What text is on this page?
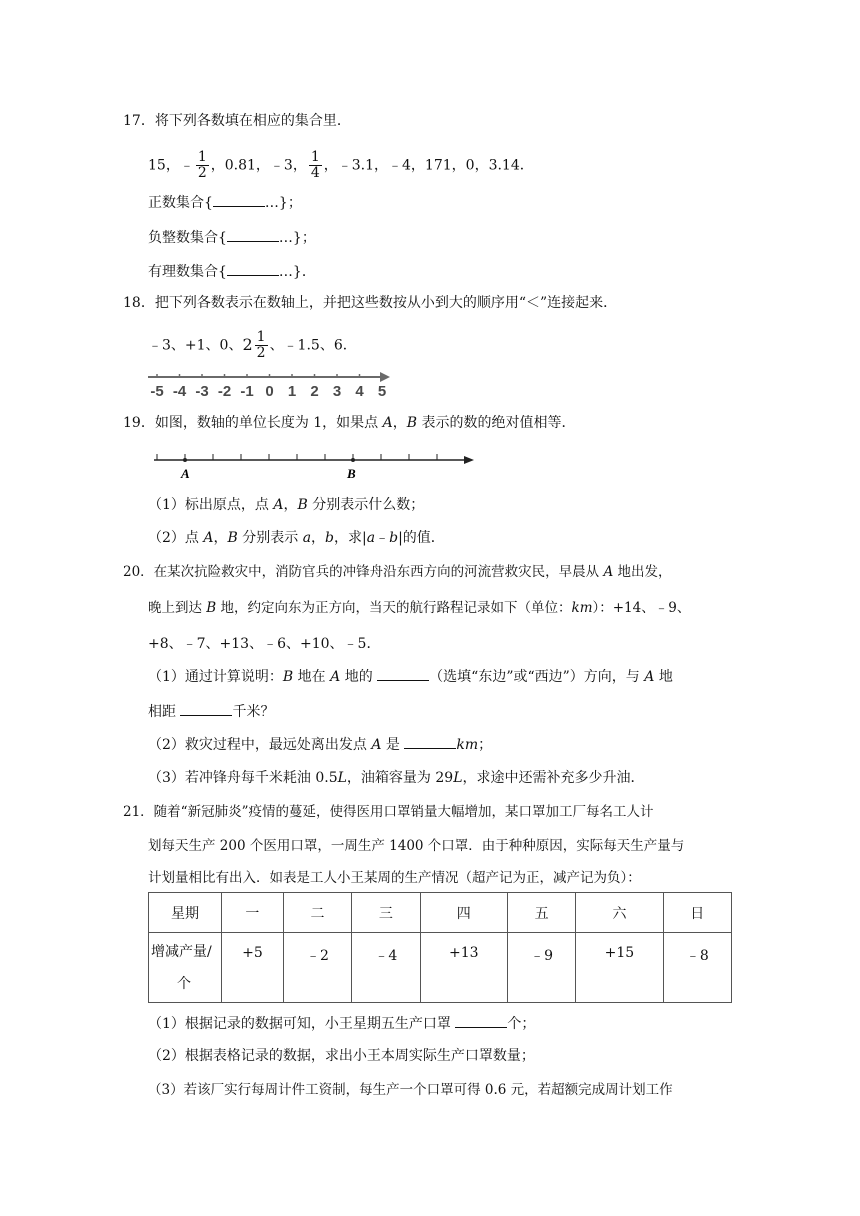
17．将下列各数填在相应的集合里．
15，﹣ $\frac{1}{2}$ ，0.81，﹣3， $\frac{1}{4}$ ，﹣3.1，﹣4，171，0，3.14．
正数集合{	…}；
负整数集合{	…}；
有理数集合{	…}．
18．把下列各数表示在数轴上，并把这些数按从小到大的顺序用“＜”连接起来．
﹣3、+1、0、$2 \frac{1}{2}$ 、﹣1.5、6．
-5 -4 -3 -2 -1 0 1 2 3 4 5
19．如图，数轴的单位长度为 1，如果点 A，B 表示的数的绝对值相等．
A	B
（1）标出原点，点 A，B 分别表示什么数；
（2）点 A，B 分别表示 a，b，求|a﹣b|的值．
20．在某次抗险救灾中，消防官兵的冲锋舟沿东西方向的河流营救灾民，早晨从 A 地出发，
晚上到达 B 地，约定向东为正方向，当天的航行路程记录如下（单位：km）：+14、﹣9、
+8、﹣7、+13、﹣6、+10、﹣5．
（1）通过计算说明：B 地在 A 地的	（选填“东边”或“西边”）方向，与 A 地
相距	千米？
（2）救灾过程中，最远处离出发点 A 是	km；
（3）若冲锋舟每千米耗油 0.5L，油箱容量为 29L，求途中还需补充多少升油．
21．随着“新冠肺炎”疫情的蔓延，使得医用口罩销量大幅增加，某口罩加工厂每名工人计
划每天生产 200 个医用口罩，一周生产 1400 个口罩．由于种种原因，实际每天生产量与
计划量相比有出入．如表是工人小王某周的生产情况（超产记为正，减产记为负）：
星期	一	二	三	四	五	六	日
增减产量/
个	+5	﹣2	﹣4	+13	﹣9	+15	﹣8
（1）根据记录的数据可知，小王星期五生产口罩	个；
（2）根据表格记录的数据，求出小王本周实际生产口罩数量；
（3）若该厂实行每周计件工资制，每生产一个口罩可得 0.6 元，若超额完成周计划工作
